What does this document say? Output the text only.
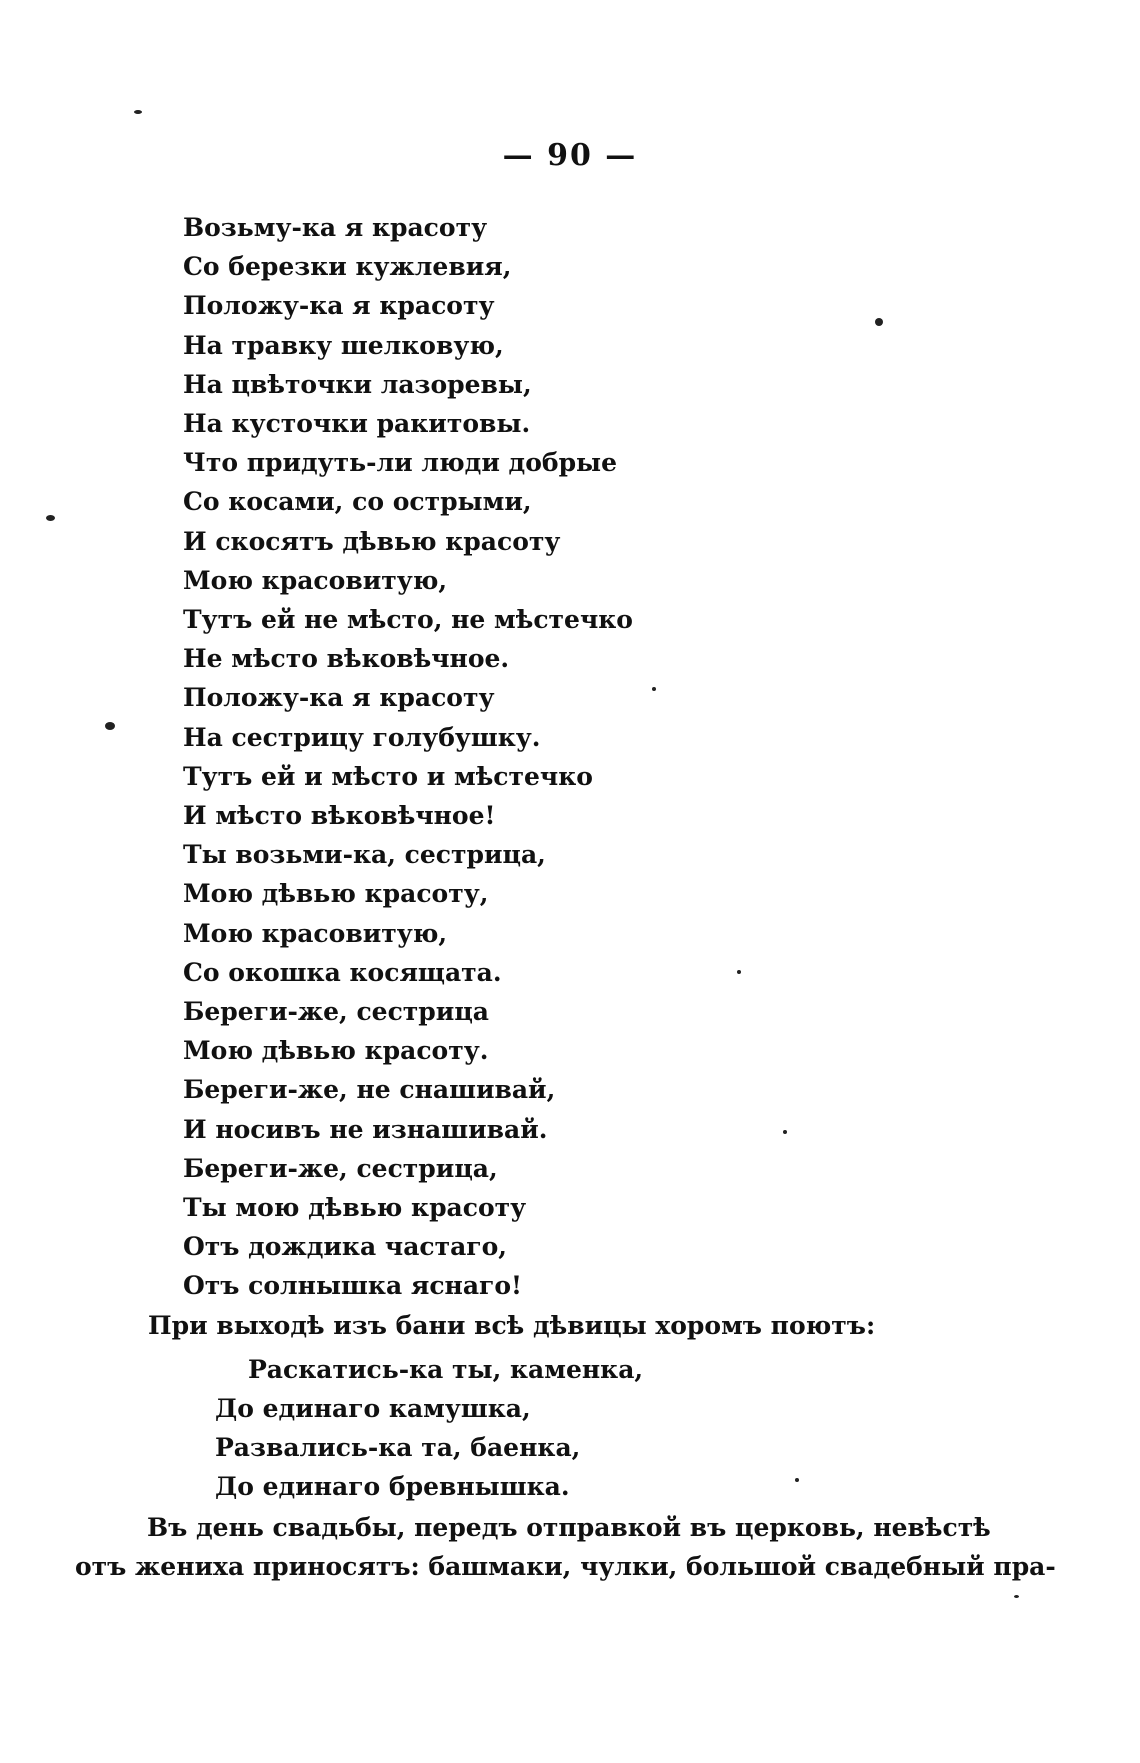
— 90 —
Возьму-ка я красоту
Со березки кужлевия,
Положу-ка я красоту
На травку шелковую,
На цвѣточки лазоревы,
На кусточки ракитовы.
Что придуть-ли люди добрые
Со косами, со острыми,
И скосятъ дѣвью красоту
Мою красовитую,
Тутъ ей не мѣсто, не мѣстечко
Не мѣсто вѣковѣчное.
Положу-ка я красоту
На сестрицу голубушку.
Тутъ ей и мѣсто и мѣстечко
И мѣсто вѣковѣчное!
Ты возьми-ка, сестрица,
Мою дѣвью красоту,
Мою красовитую,
Со окошка косящата.
Береги-же, сестрица
Мою дѣвью красоту.
Береги-же, не снашивай,
И носивъ не изнашивай.
Береги-же, сестрица,
Ты мою дѣвью красоту
Отъ дождика частаго,
Отъ солнышка яснаго!
При выходѣ изъ бани всѣ дѣвицы хоромъ поютъ:
Раскатись-ка ты, каменка,
До единаго камушка,
Развались-ка та, баенка,
До единаго бревнышка.
Въ день свадьбы, передъ отправкой въ церковь, невѣстѣ
отъ жениха приносятъ: башмаки, чулки, большой свадебный пра-
